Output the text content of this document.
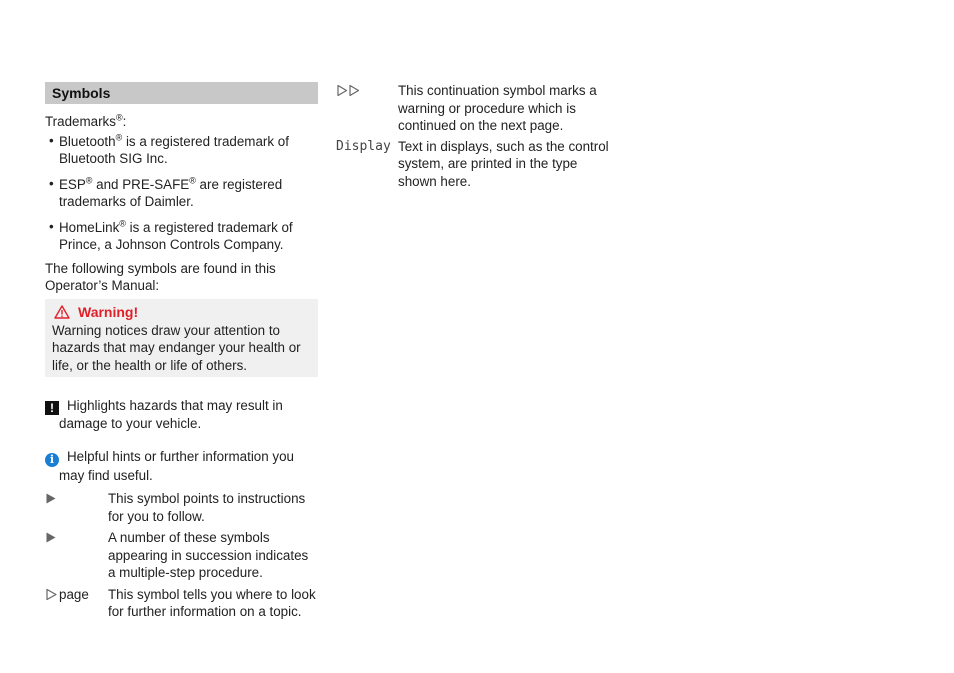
Symbols
Trademarks®:
• Bluetooth® is a registered trademark of
Bluetooth SIG Inc.
• ESP® and PRE-SAFE® are registered
trademarks of Daimler.
• HomeLink® is a registered trademark of
Prince, a Johnson Controls Company.
The following symbols are found in this
Operator’s Manual:
Warning!
Warning notices draw your attention to
hazards that may endanger your health or
life, or the health or life of others.
! Highlights hazards that may result in
damage to your vehicle.
i Helpful hints or further information you
may find useful.
This symbol points to instructions
for you to follow.
A number of these symbols
appearing in succession indicates
a multiple-step procedure.
page This symbol tells you where to look
for further information on a topic.
This continuation symbol marks a
warning or procedure which is
continued on the next page.
Display Text in displays, such as the control
system, are printed in the type
shown here.
